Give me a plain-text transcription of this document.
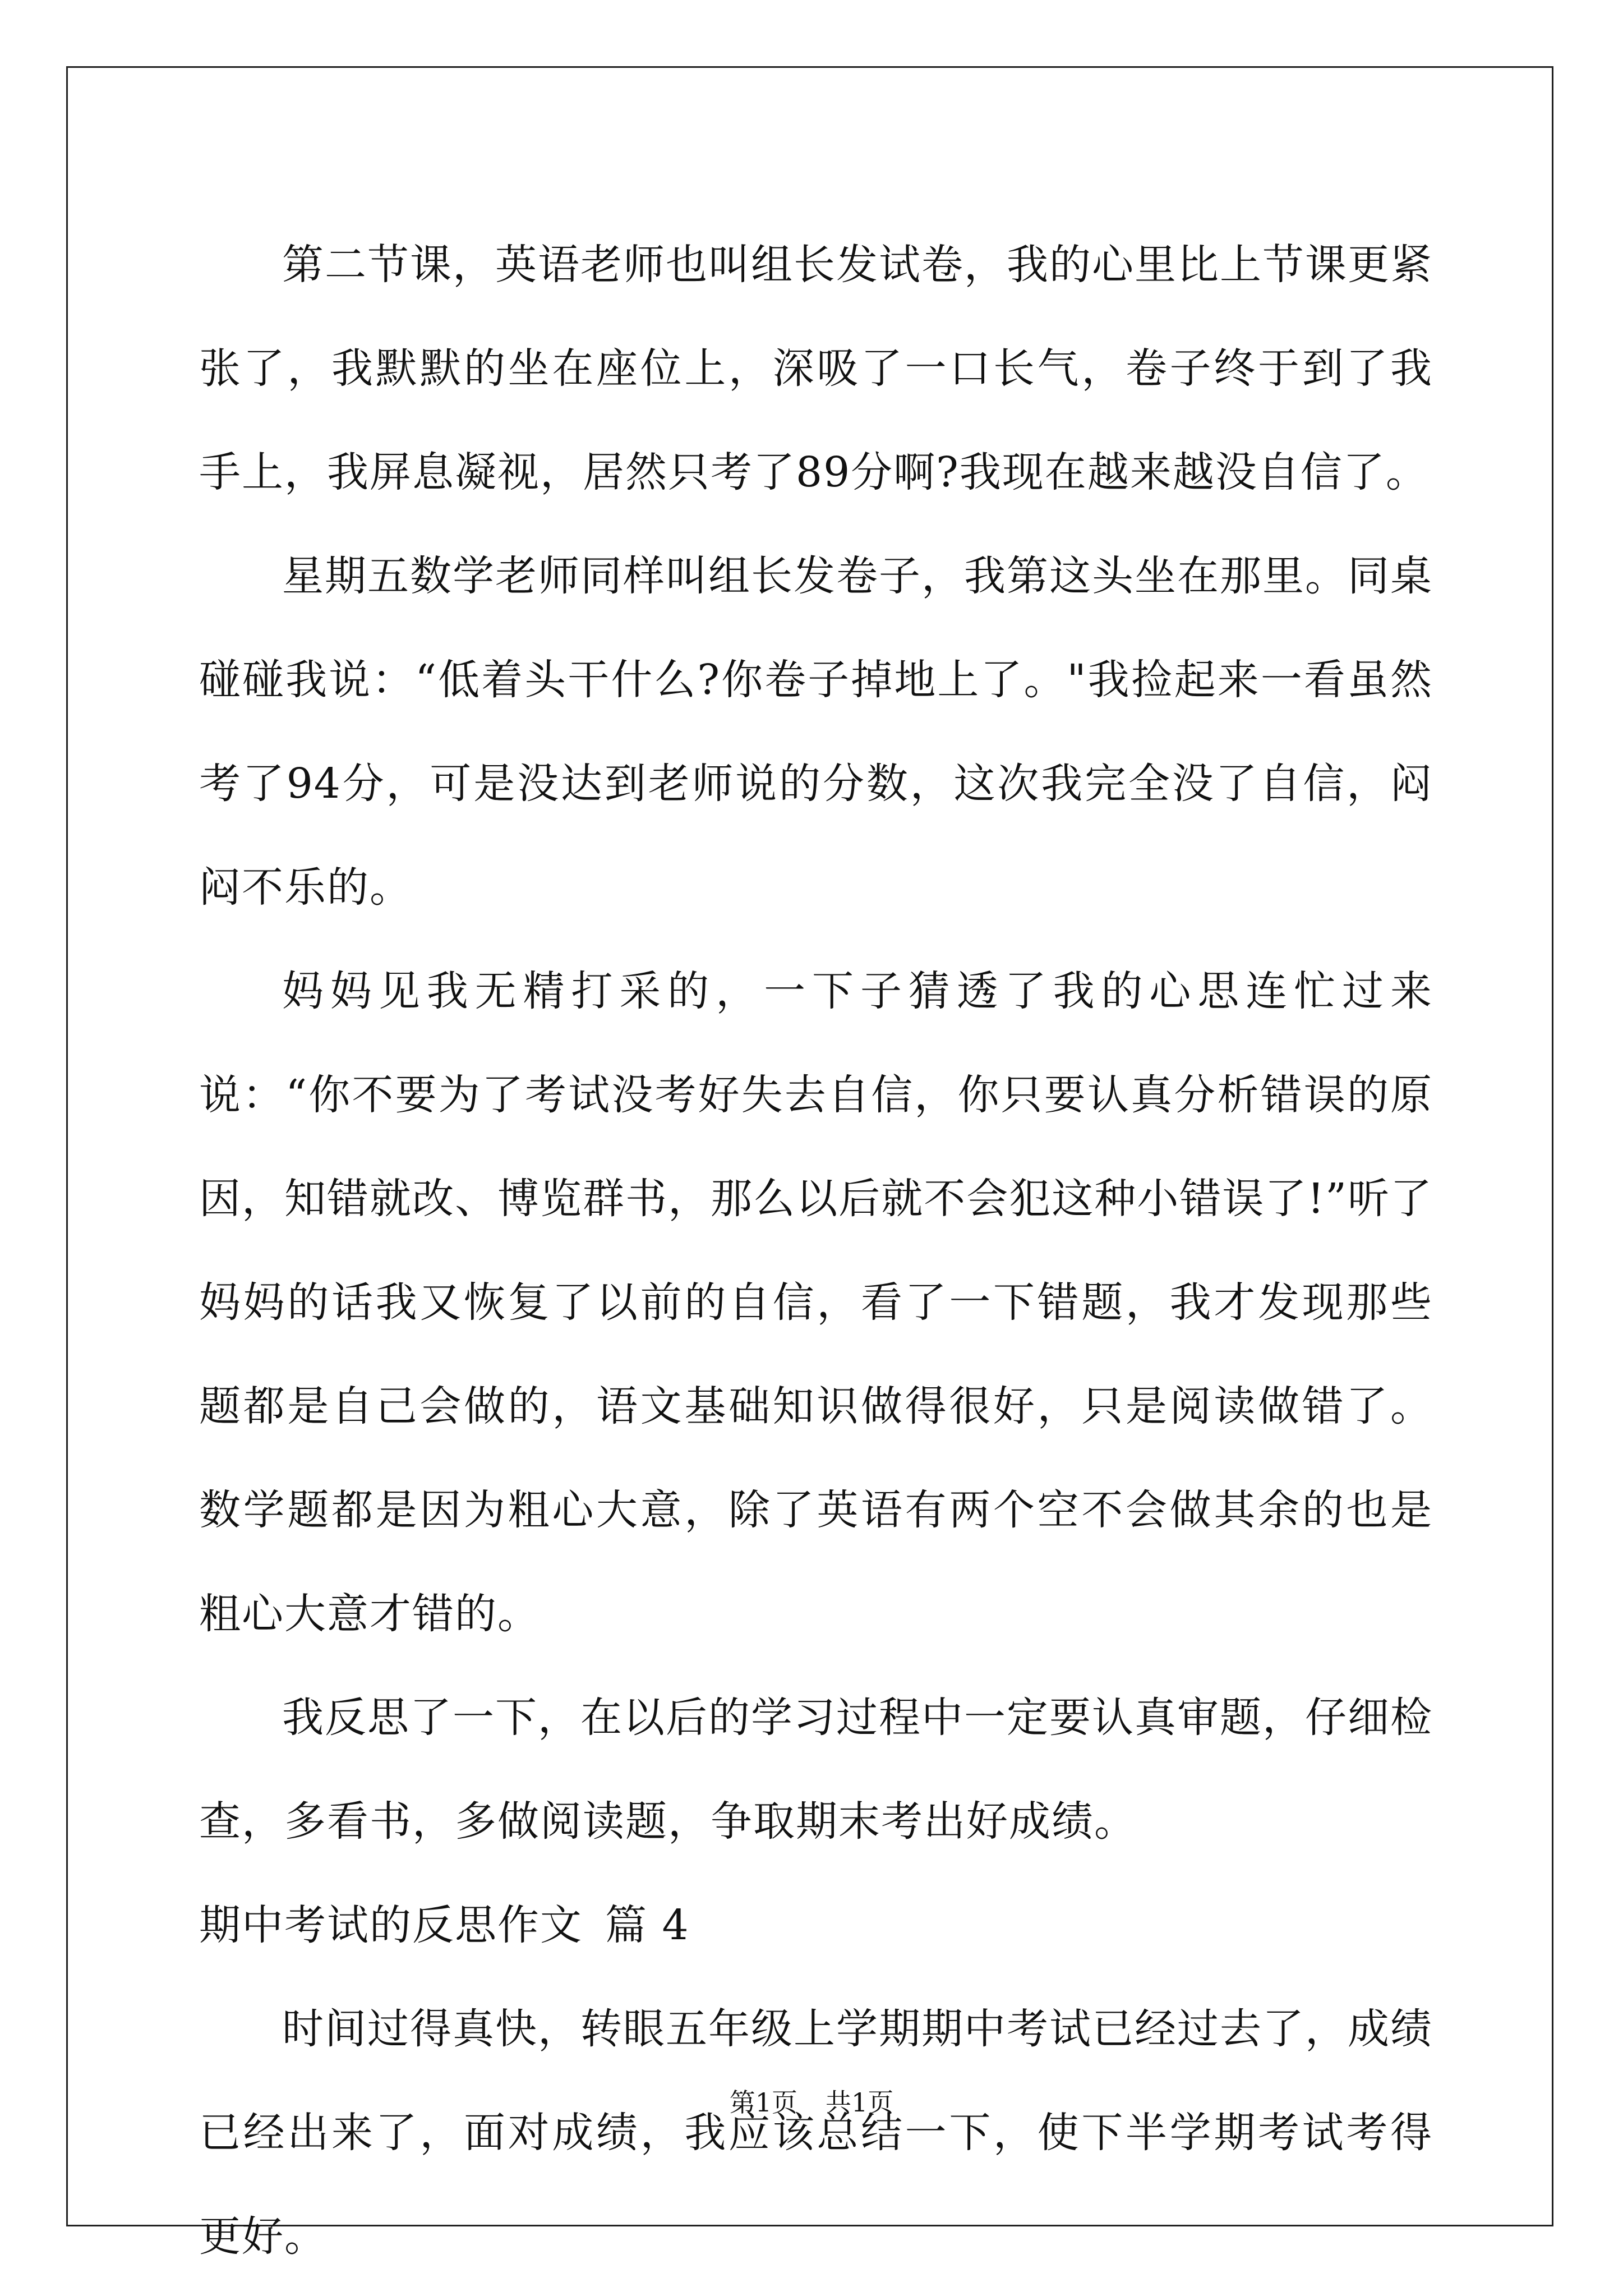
第二节课，英语老师也叫组长发试卷，我的心里比上节课更紧张了，我默默的坐在座位上，深吸了一口长气，卷子终于到了我手上，我屏息凝视，居然只考了89分啊?我现在越来越没自信了。

星期五数学老师同样叫组长发卷子，我第这头坐在那里。同桌碰碰我说：“低着头干什么?你卷子掉地上了。"我捡起来一看虽然考了94分，可是没达到老师说的分数，这次我完全没了自信，闷闷不乐的。

妈妈见我无精打采的，一下子猜透了我的心思连忙过来说：“你不要为了考试没考好失去自信，你只要认真分析错误的原因，知错就改、博览群书，那么以后就不会犯这种小错误了!”听了妈妈的话我又恢复了以前的自信，看了一下错题，我才发现那些题都是自己会做的，语文基础知识做得很好，只是阅读做错了。数学题都是因为粗心大意，除了英语有两个空不会做其余的也是粗心大意才错的。

我反思了一下，在以后的学习过程中一定要认真审题，仔细检查，多看书，多做阅读题，争取期末考出好成绩。

期中考试的反思作文 篇 4

时间过得真快，转眼五年级上学期期中考试已经过去了，成绩已经出来了，面对成绩，我应该总结一下，使下半学期考试考得更好。

第1页 共1页
